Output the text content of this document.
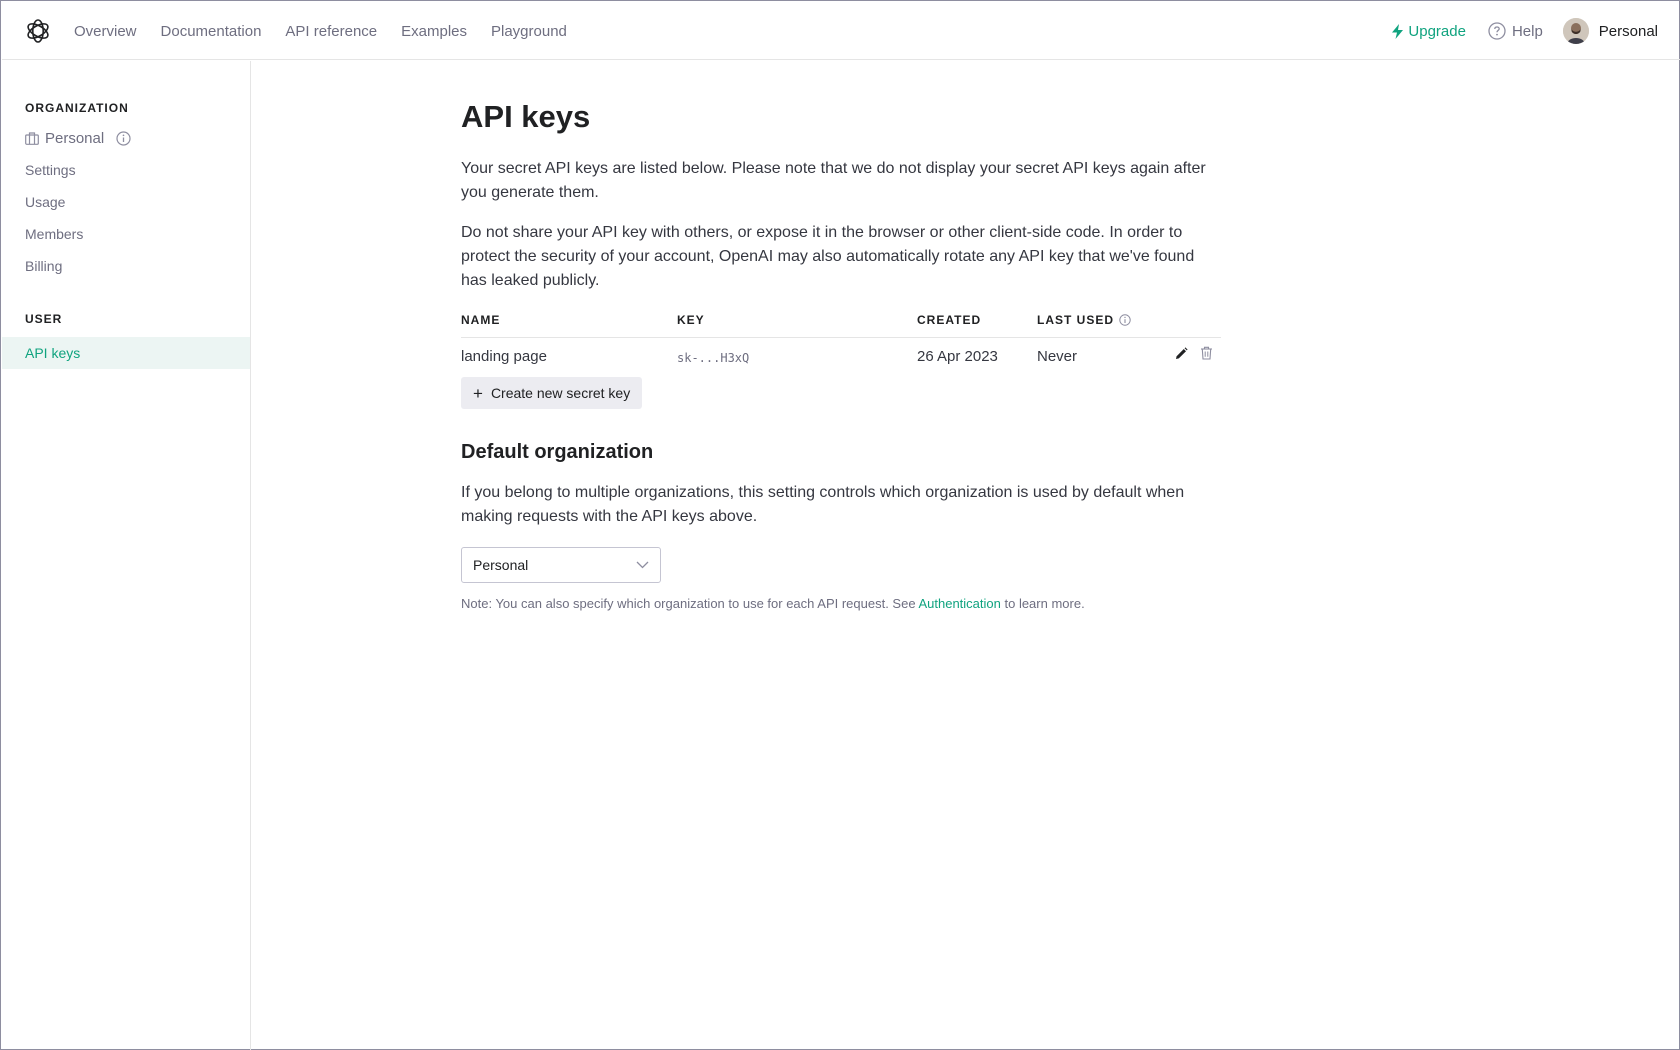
Overview Documentation API reference Examples Playground	Upgrade	Help	Personal
ORGANIZATION
Personal
Settings
Usage
Members
Billing
USER
API keys
API keys

Your secret API keys are listed below. Please note that we do not display your secret API keys again after you generate them.

Do not share your API key with others, or expose it in the browser or other client-side code. In order to protect the security of your account, OpenAI may also automatically rotate any API key that we've found has leaked publicly.

NAME	KEY	CREATED	LAST USED
landing page	sk-...H3xQ	26 Apr 2023	Never
+ Create new secret key
Default organization

If you belong to multiple organizations, this setting controls which organization is used by default when making requests with the API keys above.

Personal

Note: You can also specify which organization to use for each API request. See Authentication to learn more.
